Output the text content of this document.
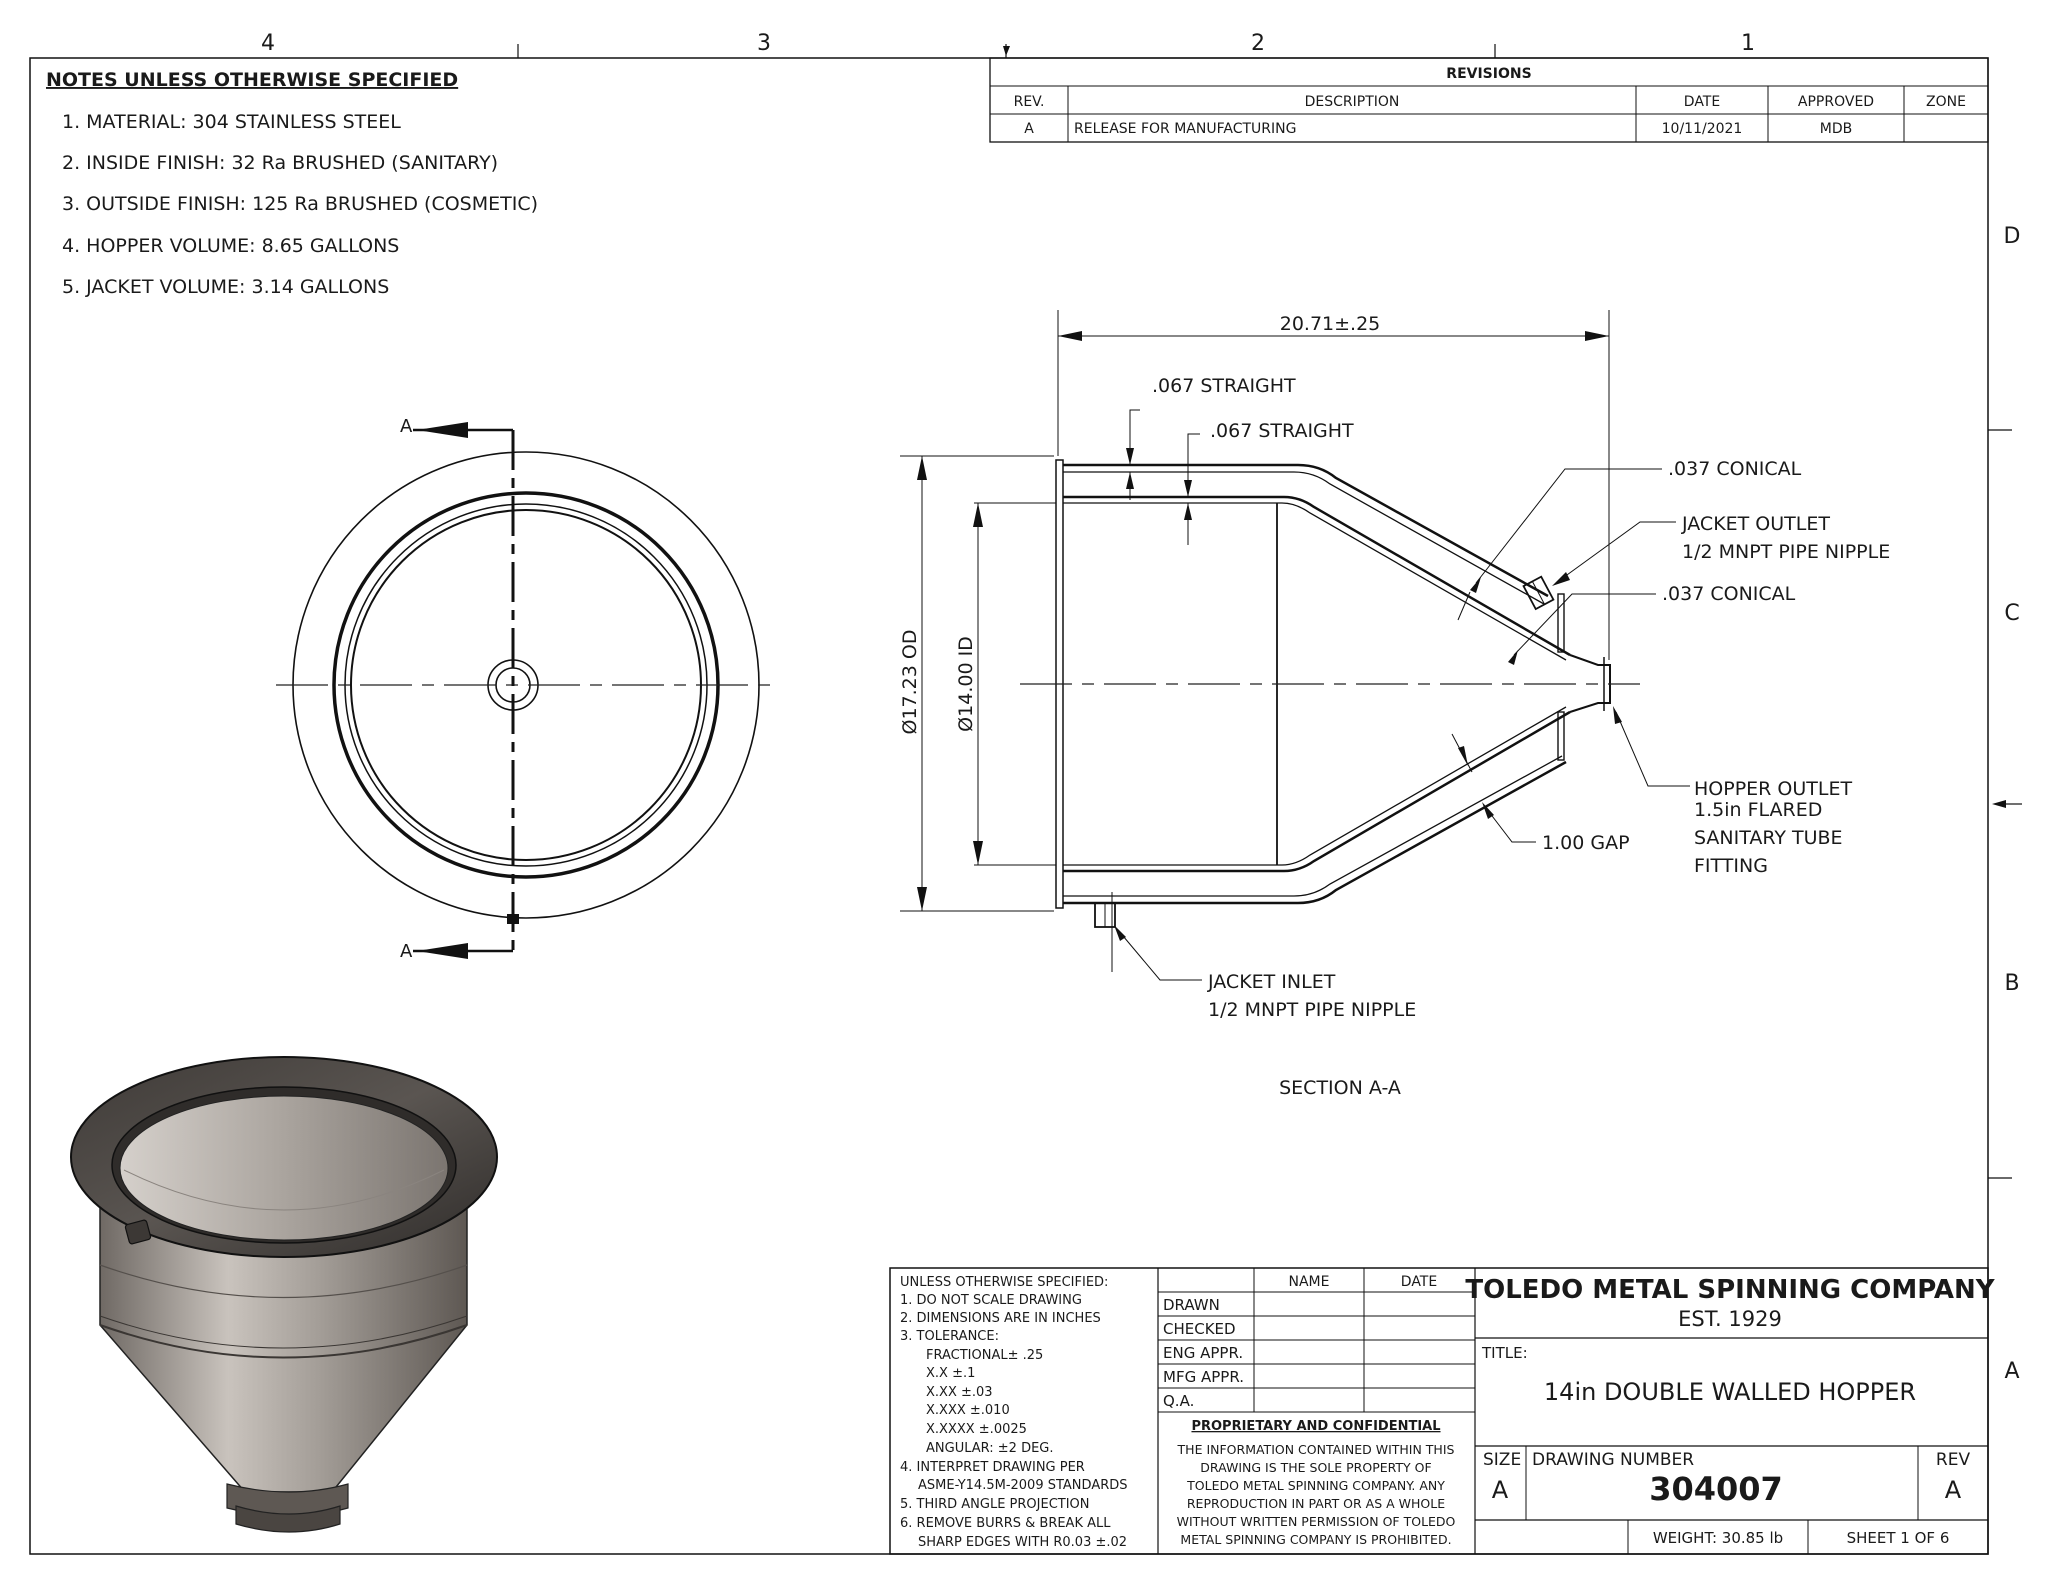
4	3	2	1
D
C
B
A
NOTES UNLESS OTHERWISE SPECIFIED
1. MATERIAL: 304 STAINLESS STEEL
2. INSIDE FINISH: 32 Ra BRUSHED (SANITARY)
3. OUTSIDE FINISH: 125 Ra BRUSHED (COSMETIC)
4. HOPPER VOLUME: 8.65 GALLONS
5. JACKET VOLUME: 3.14 GALLONS
REVISIONS
REV.	DESCRIPTION	DATE	APPROVED	ZONE
A	RELEASE FOR MANUFACTURING	10/11/2021	MDB
A
A
20.71±.25
Ø17.23 OD Ø14.00 ID
.067 STRAIGHT
.067 STRAIGHT
.037 CONICAL
JACKET OUTLET
1/2 MNPT PIPE NIPPLE
.037 CONICAL
HOPPER OUTLET
1.5in FLARED
SANITARY TUBE
FITTING
1.00 GAP
JACKET INLET
1/2 MNPT PIPE NIPPLE
SECTION A-A
UNLESS OTHERWISE SPECIFIED:
1. DO NOT SCALE DRAWING
2. DIMENSIONS ARE IN INCHES
3. TOLERANCE:
FRACTIONAL± .25
X.X ±.1
X.XX ±.03
X.XXX ±.010
X.XXXX ±.0025
ANGULAR: ±2 DEG.
4. INTERPRET DRAWING PER
ASME-Y14.5M-2009 STANDARDS
5. THIRD ANGLE PROJECTION
6. REMOVE BURRS & BREAK ALL
SHARP EDGES WITH R0.03 ±.02
NAME	DATE
DRAWN
CHECKED
ENG APPR.
MFG APPR.
Q.A.
PROPRIETARY AND CONFIDENTIAL
THE INFORMATION CONTAINED WITHIN THIS
DRAWING IS THE SOLE PROPERTY OF
TOLEDO METAL SPINNING COMPANY. ANY
REPRODUCTION IN PART OR AS A WHOLE
WITHOUT WRITTEN PERMISSION OF TOLEDO
METAL SPINNING COMPANY IS PROHIBITED.
TOLEDO METAL SPINNING COMPANY
EST. 1929
TITLE:
14in DOUBLE WALLED HOPPER
SIZE
A
DRAWING NUMBER
304007
REV
A
WEIGHT: 30.85 lb	SHEET 1 OF 6
